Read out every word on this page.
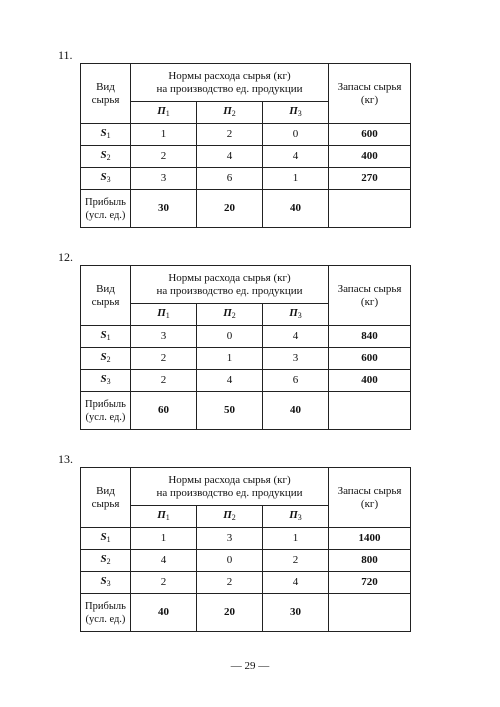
11.
Вид
сырья	Нормы расхода сырья (кг)
на производство ед. продукции			Запасы сырья
(кг)
	$П_1$	$П_2$	$П_3$
$S_1$	1	2	0	600
$S_2$	2	4	4	400
$S_3$	3	6	1	270
Прибыль
(усл. ед.)	30	20	40	
12.
Вид
сырья	Нормы расхода сырья (кг)
на производство ед. продукции			Запасы сырья
(кг)
	$П_1$	$П_2$	$П_3$
$S_1$	3	0	4	840
$S_2$	2	1	3	600
$S_3$	2	4	6	400
Прибыль
(усл. ед.)	60	50	40	
13.
Вид
сырья	Нормы расхода сырья (кг)
на производство ед. продукции			Запасы сырья
(кг)
	$П_1$	$П_2$	$П_3$
$S_1$	1	3	1	1400
$S_2$	4	0	2	800
$S_3$	2	2	4	720
Прибыль
(усл. ед.)	40	20	30	
— 29 —
